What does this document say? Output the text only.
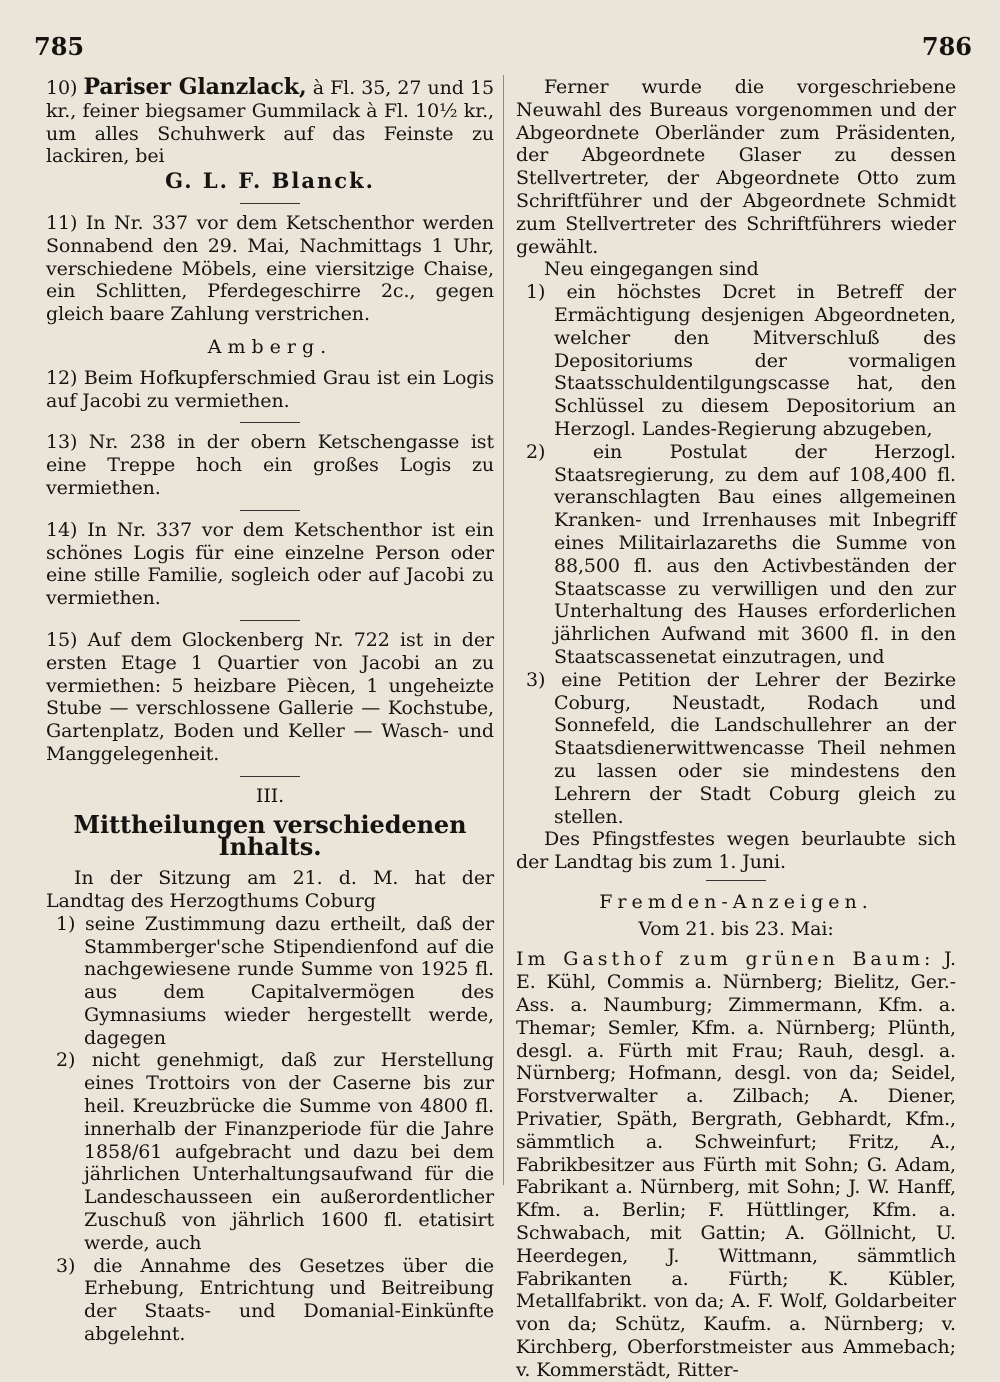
785	786

10) Pariser Glanzlack, à Fl. 35, 27 und 15 kr., feiner biegsamer Gummilack à Fl. 10½ kr., um alles Schuhwerk auf das Feinste zu lackiren, bei

G. L. F. Blanck.

11) In Nr. 337 vor dem Ketschenthor werden Sonnabend den 29. Mai, Nachmittags 1 Uhr, verschiedene Möbels, eine viersitzige Chaise, ein Schlitten, Pferdegeschirre 2c., gegen gleich baare Zahlung verstrichen.

Amberg.

12) Beim Hofkupferschmied Grau ist ein Logis auf Jacobi zu vermiethen.

13) Nr. 238 in der obern Ketschengasse ist eine Treppe hoch ein großes Logis zu vermiethen.

14) In Nr. 337 vor dem Ketschenthor ist ein schönes Logis für eine einzelne Person oder eine stille Familie, sogleich oder auf Jacobi zu vermiethen.

15) Auf dem Glockenberg Nr. 722 ist in der ersten Etage 1 Quartier von Jacobi an zu vermiethen: 5 heizbare Piècen, 1 ungeheizte Stube — verschlossene Gallerie — Kochstube, Gartenplatz, Boden und Keller — Wasch- und Manggelegenheit.

III.

Mittheilungen verschiedenen Inhalts.

In der Sitzung am 21. d. M. hat der Landtag des Herzogthums Coburg

1) seine Zustimmung dazu ertheilt, daß der Stammberger'sche Stipendienfond auf die nachgewiesene runde Summe von 1925 fl. aus dem Capitalvermögen des Gymnasiums wieder hergestellt werde, dagegen
2) nicht genehmigt, daß zur Herstellung eines Trottoirs von der Caserne bis zur heil. Kreuzbrücke die Summe von 4800 fl. innerhalb der Finanzperiode für die Jahre 1858/61 aufgebracht und dazu bei dem jährlichen Unterhaltungsaufwand für die Landeschausseen ein außerordentlicher Zuschuß von jährlich 1600 fl. etatisirt werde, auch
3) die Annahme des Gesetzes über die Erhebung, Entrichtung und Beitreibung der Staats- und Domanial-Einkünfte abgelehnt.

Ferner wurde die vorgeschriebene Neuwahl des Bureaus vorgenommen und der Abgeordnete Oberländer zum Präsidenten, der Abgeordnete Glaser zu dessen Stellvertreter, der Abgeordnete Otto zum Schriftführer und der Abgeordnete Schmidt zum Stellvertreter des Schriftführers wieder gewählt.

Neu eingegangen sind

1) ein höchstes Dcret in Betreff der Ermächtigung desjenigen Abgeordneten, welcher den Mitverschluß des Depositoriums der vormaligen Staatsschuldentilgungscasse hat, den Schlüssel zu diesem Depositorium an Herzogl. Landes-Regierung abzugeben,
2) ein Postulat der Herzogl. Staatsregierung, zu dem auf 108,400 fl. veranschlagten Bau eines allgemeinen Kranken- und Irrenhauses mit Inbegriff eines Militairlazareths die Summe von 88,500 fl. aus den Activbeständen der Staatscasse zu verwilligen und den zur Unterhaltung des Hauses erforderlichen jährlichen Aufwand mit 3600 fl. in den Staatscassenetat einzutragen, und
3) eine Petition der Lehrer der Bezirke Coburg, Neustadt, Rodach und Sonnefeld, die Landschullehrer an der Staatsdienerwittwencasse Theil nehmen zu lassen oder sie mindestens den Lehrern der Stadt Coburg gleich zu stellen.

Des Pfingstfestes wegen beurlaubte sich der Landtag bis zum 1. Juni.

Fremden-Anzeigen.

Vom 21. bis 23. Mai:

Im Gasthof zum grünen Baum: J. E. Kühl, Commis a. Nürnberg; Bielitz, Ger.-Ass. a. Naumburg; Zimmermann, Kfm. a. Themar; Semler, Kfm. a. Nürnberg; Plünth, desgl. a. Fürth mit Frau; Rauh, desgl. a. Nürnberg; Hofmann, desgl. von da; Seidel, Forstverwalter a. Zilbach; A. Diener, Privatier, Späth, Bergrath, Gebhardt, Kfm., sämmtlich a. Schweinfurt; Fritz, A., Fabrikbesitzer aus Fürth mit Sohn; G. Adam, Fabrikant a. Nürnberg, mit Sohn; J. W. Hanff, Kfm. a. Berlin; F. Hüttlinger, Kfm. a. Schwabach, mit Gattin; A. Göllnicht, U. Heerdegen, J. Wittmann, sämmtlich Fabrikanten a. Fürth; K. Kübler, Metallfabrikt. von da; A. F. Wolf, Goldarbeiter von da; Schütz, Kaufm. a. Nürnberg; v. Kirchberg, Oberforstmeister aus Ammebach; v. Kommerstädt, Ritter-
